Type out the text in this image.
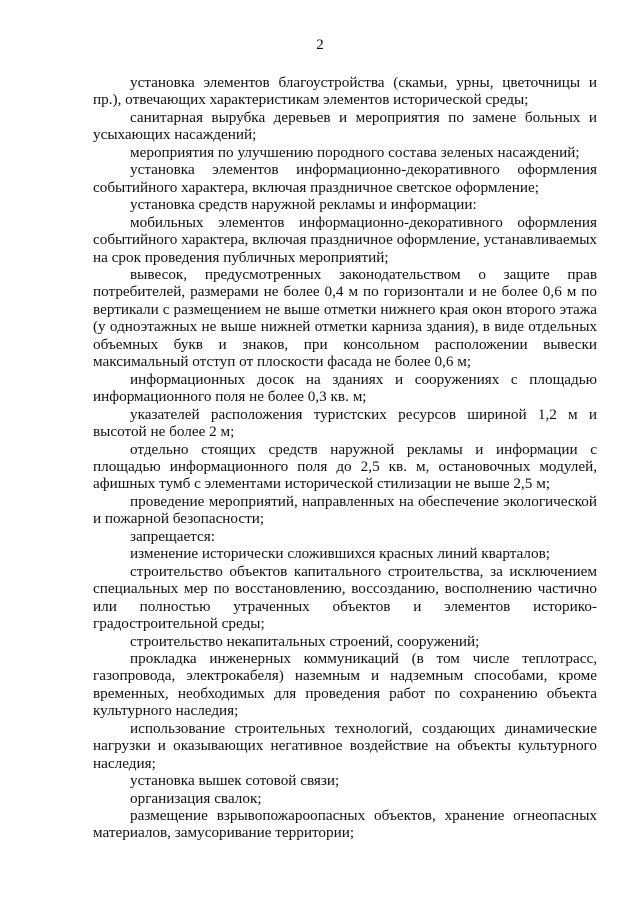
2

установка элементов благоустройства (скамьи, урны, цветочницы и пр.), отвечающих характеристикам элементов исторической среды;

санитарная вырубка деревьев и мероприятия по замене больных и усыхающих насаждений;

мероприятия по улучшению породного состава зеленых насаждений;

установка элементов информационно-декоративного оформления событийного характера, включая праздничное светское оформление;

установка средств наружной рекламы и информации:

мобильных элементов информационно-декоративного оформления событийного характера, включая праздничное оформление, устанавливаемых на срок проведения публичных мероприятий;

вывесок, предусмотренных законодательством о защите прав потребителей, размерами не более 0,4 м по горизонтали и не более 0,6 м по вертикали с размещением не выше отметки нижнего края окон второго этажа (у одноэтажных не выше нижней отметки карниза здания), в виде отдельных объемных букв и знаков, при консольном расположении вывески максимальный отступ от плоскости фасада не более 0,6 м;

информационных досок на зданиях и сооружениях с площадью информационного поля не более 0,3 кв. м;

указателей расположения туристских ресурсов шириной 1,2 м и высотой не более 2 м;

отдельно стоящих средств наружной рекламы и информации с площадью информационного поля до 2,5 кв. м, остановочных модулей, афишных тумб с элементами исторической стилизации не выше 2,5 м;

проведение мероприятий, направленных на обеспечение экологической и пожарной безопасности;

запрещается:

изменение исторически сложившихся красных линий кварталов;

строительство объектов капитального строительства, за исключением специальных мер по восстановлению, воссозданию, восполнению частично или полностью утраченных объектов и элементов историко-градостроительной среды;

строительство некапитальных строений, сооружений;

прокладка инженерных коммуникаций (в том числе теплотрасс, газопровода, электрокабеля) наземным и надземным способами, кроме временных, необходимых для проведения работ по сохранению объекта культурного наследия;

использование строительных технологий, создающих динамические нагрузки и оказывающих негативное воздействие на объекты культурного наследия;

установка вышек сотовой связи;

организация свалок;

размещение взрывопожароопасных объектов, хранение огнеопасных материалов, замусоривание территории;
